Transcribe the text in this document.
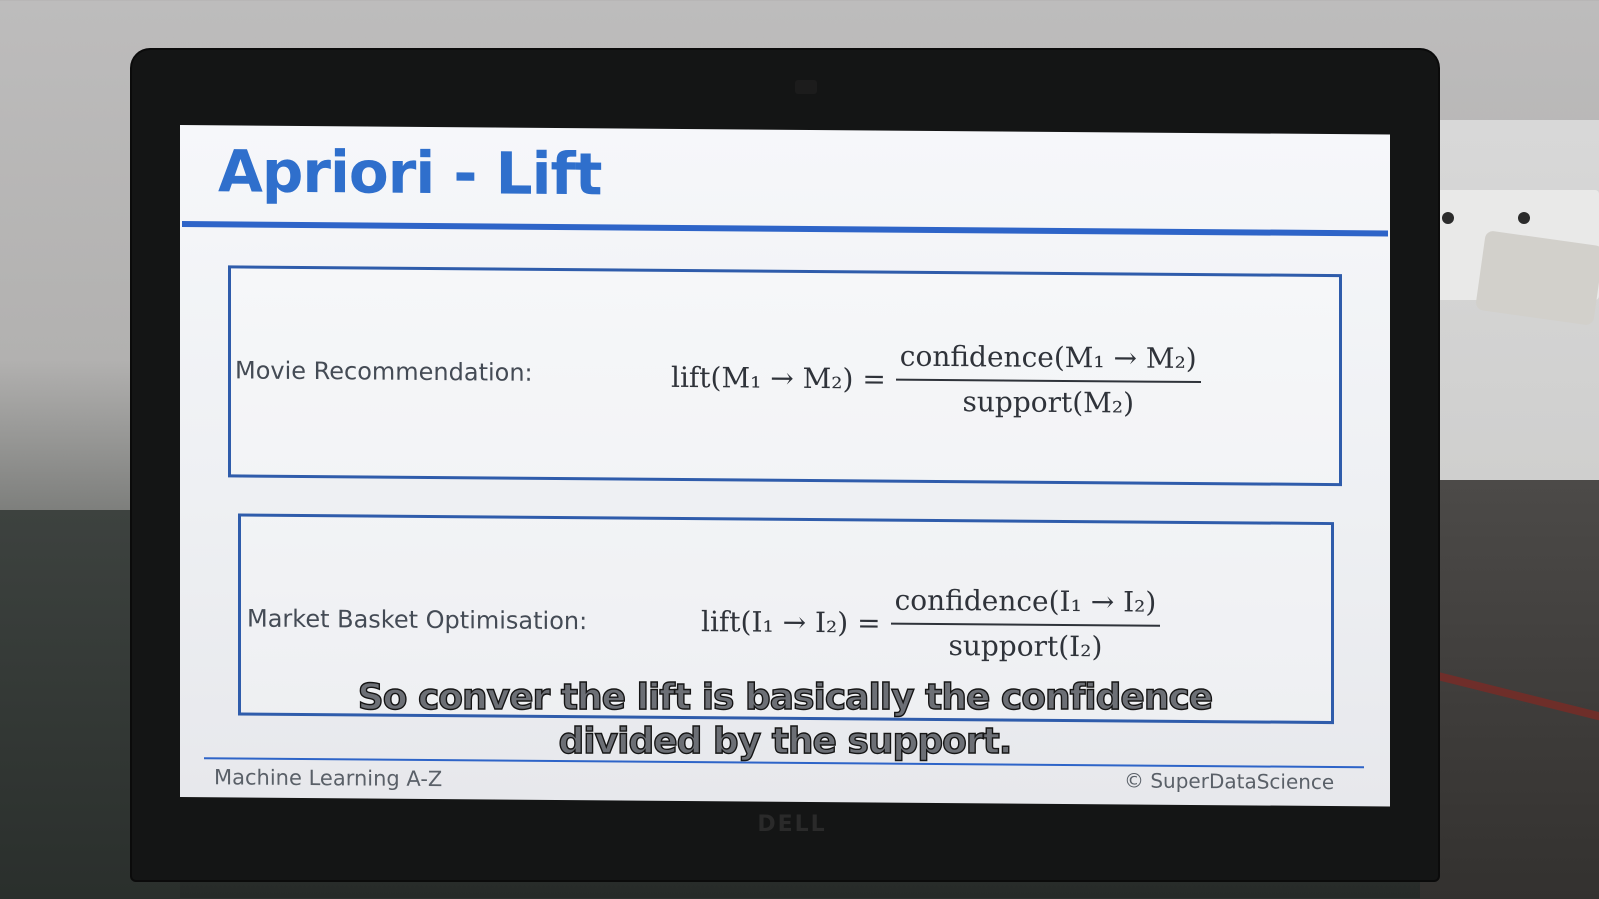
DELL
Apriori - Lift
Movie Recommendation:	lift(M₁ → $M_2) = \frac{\text{confidence(M₁ → M₂)}}{\text{support(M₂)}}$
Market Basket Optimisation:	lift(I₁ → $I_2) = \frac{\text{confidence(I₁ → I₂)}}{\text{support(I₂)}}$
Machine Learning A-Z	© SuperDataScience
So conver the lift is basically the confidence
divided by the support.
